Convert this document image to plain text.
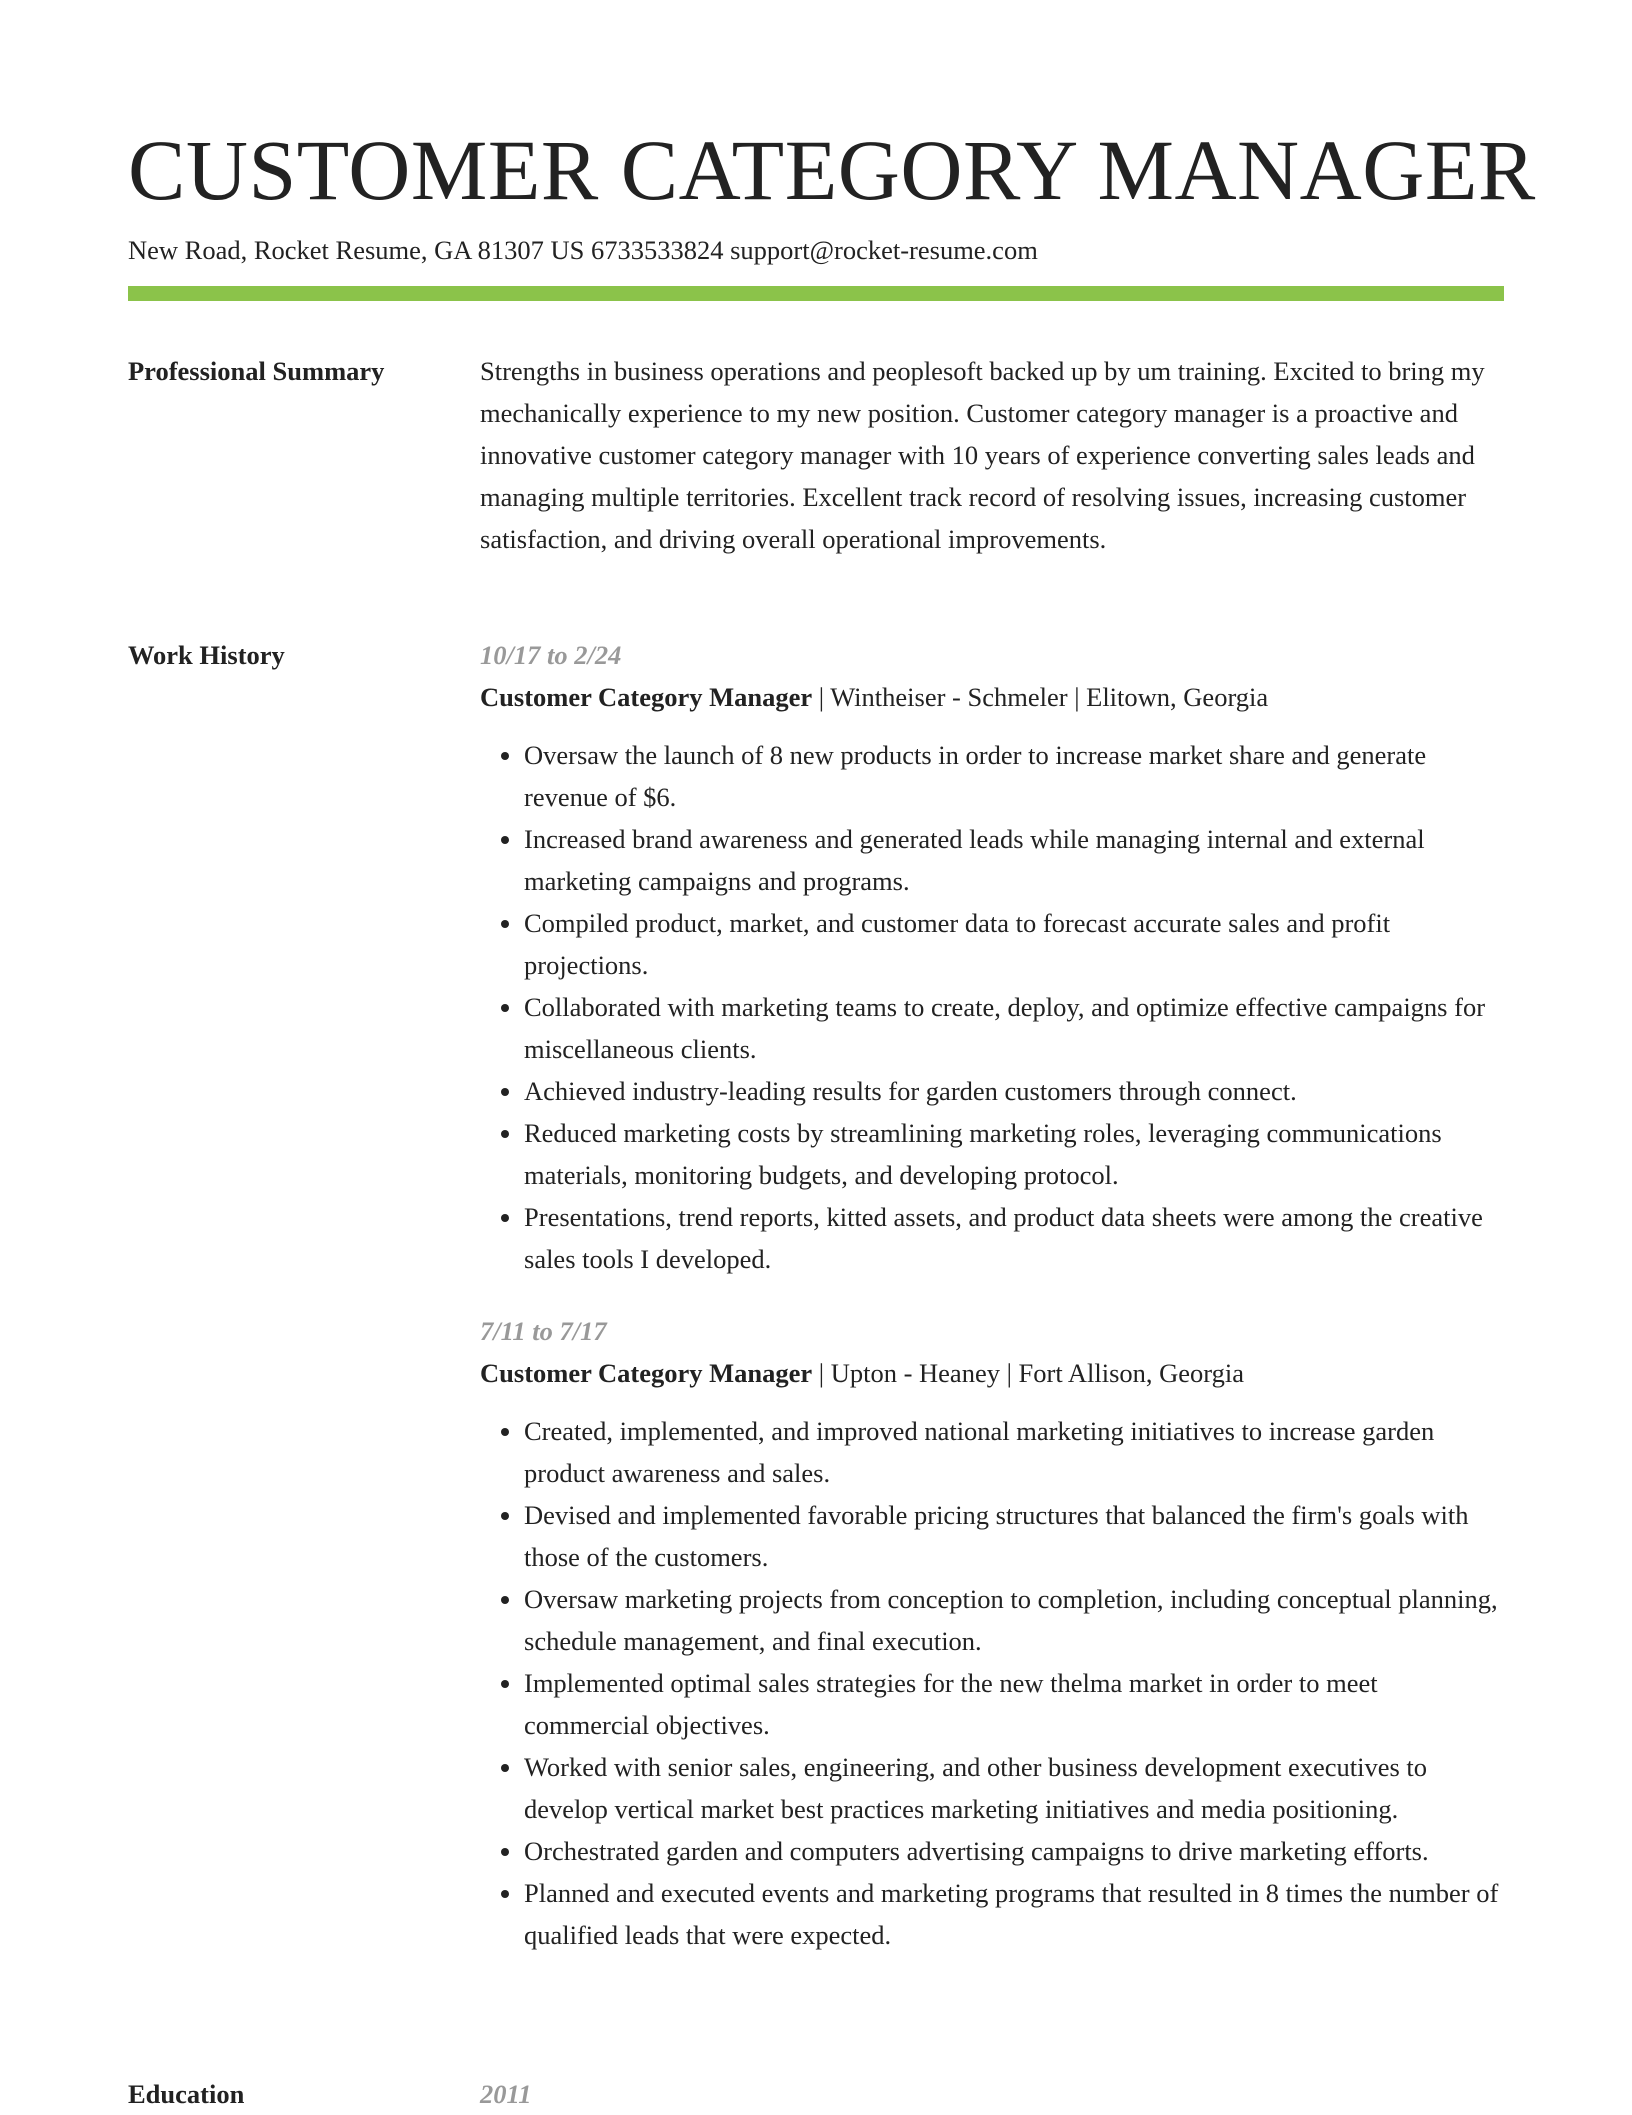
CUSTOMER CATEGORY MANAGER
New Road, Rocket Resume, GA 81307 US 6733533824 support@rocket-resume.com
Professional Summary	Strengths in business operations and peoplesoft backed up by um training. Excited to bring my mechanically experience to my new position. Customer category manager is a proactive and innovative customer category manager with 10 years of experience converting sales leads and managing multiple territories. Excellent track record of resolving issues, increasing customer satisfaction, and driving overall operational improvements.

Work History	10/17 to 2/24
Customer Category Manager | Wintheiser - Schmeler | Elitown, Georgia
• Oversaw the launch of 8 new products in order to increase market share and generate revenue of $6.
• Increased brand awareness and generated leads while managing internal and external marketing campaigns and programs.
• Compiled product, market, and customer data to forecast accurate sales and profit projections.
• Collaborated with marketing teams to create, deploy, and optimize effective campaigns for miscellaneous clients.
• Achieved industry-leading results for garden customers through connect.
• Reduced marketing costs by streamlining marketing roles, leveraging communications materials, monitoring budgets, and developing protocol.
• Presentations, trend reports, kitted assets, and product data sheets were among the creative sales tools I developed.
7/11 to 7/17
Customer Category Manager | Upton - Heaney | Fort Allison, Georgia
• Created, implemented, and improved national marketing initiatives to increase garden product awareness and sales.
• Devised and implemented favorable pricing structures that balanced the firm's goals with those of the customers.
• Oversaw marketing projects from conception to completion, including conceptual planning, schedule management, and final execution.
• Implemented optimal sales strategies for the new thelma market in order to meet commercial objectives.
• Worked with senior sales, engineering, and other business development executives to develop vertical market best practices marketing initiatives and media positioning.
• Orchestrated garden and computers advertising campaigns to drive marketing efforts.
• Planned and executed events and marketing programs that resulted in 8 times the number of qualified leads that were expected.
Education	2011
